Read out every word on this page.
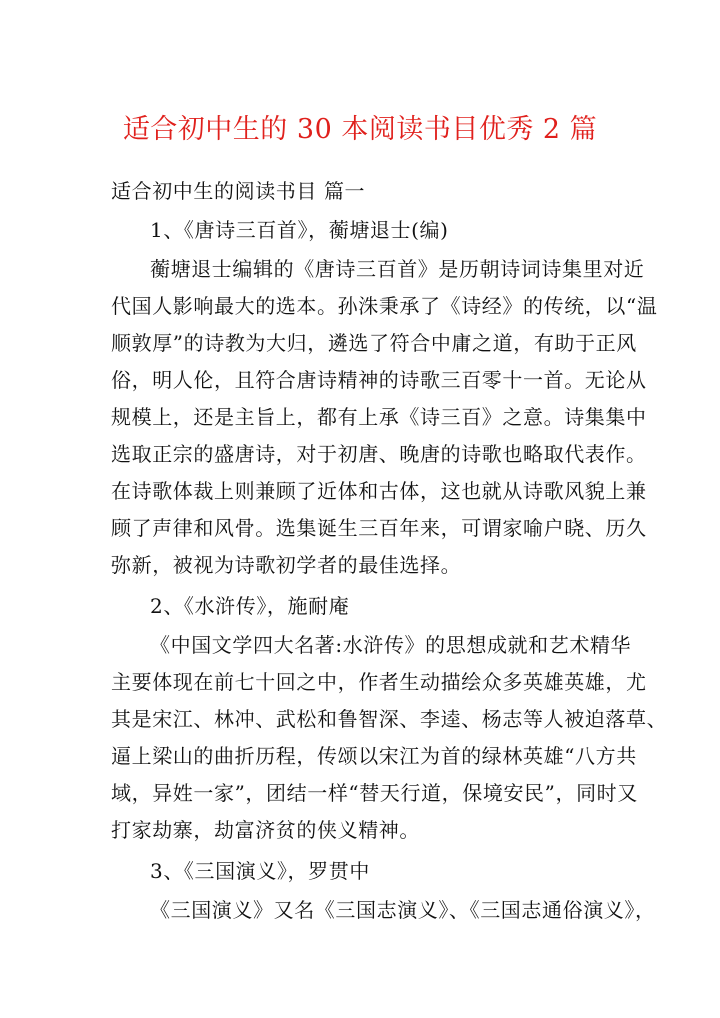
适合初中生的 30 本阅读书目优秀 2 篇
适合初中生的阅读书目 篇一
1、《唐诗三百首》，蘅塘退士(编)
蘅塘退士编辑的《唐诗三百首》是历朝诗词诗集里对近
代国人影响最大的选本。孙洙秉承了《诗经》的传统，以“温
顺敦厚”的诗教为大归，遴选了符合中庸之道，有助于正风
俗，明人伦，且符合唐诗精神的诗歌三百零十一首。无论从
规模上，还是主旨上，都有上承《诗三百》之意。诗集集中
选取正宗的盛唐诗，对于初唐、晚唐的诗歌也略取代表作。
在诗歌体裁上则兼顾了近体和古体，这也就从诗歌风貌上兼
顾了声律和风骨。选集诞生三百年来，可谓家喻户晓、历久
弥新，被视为诗歌初学者的最佳选择。
2、《水浒传》，施耐庵
《中国文学四大名著:水浒传》的思想成就和艺术精华
主要体现在前七十回之中，作者生动描绘众多英雄英雄，尤
其是宋江、林冲、武松和鲁智深、李逵、杨志等人被迫落草、
逼上梁山的曲折历程，传颂以宋江为首的绿林英雄“八方共
域，异姓一家”，团结一样“替天行道，保境安民”，同时又
打家劫寨，劫富济贫的侠义精神。
3、《三国演义》，罗贯中
《三国演义》又名《三国志演义》、《三国志通俗演义》，
